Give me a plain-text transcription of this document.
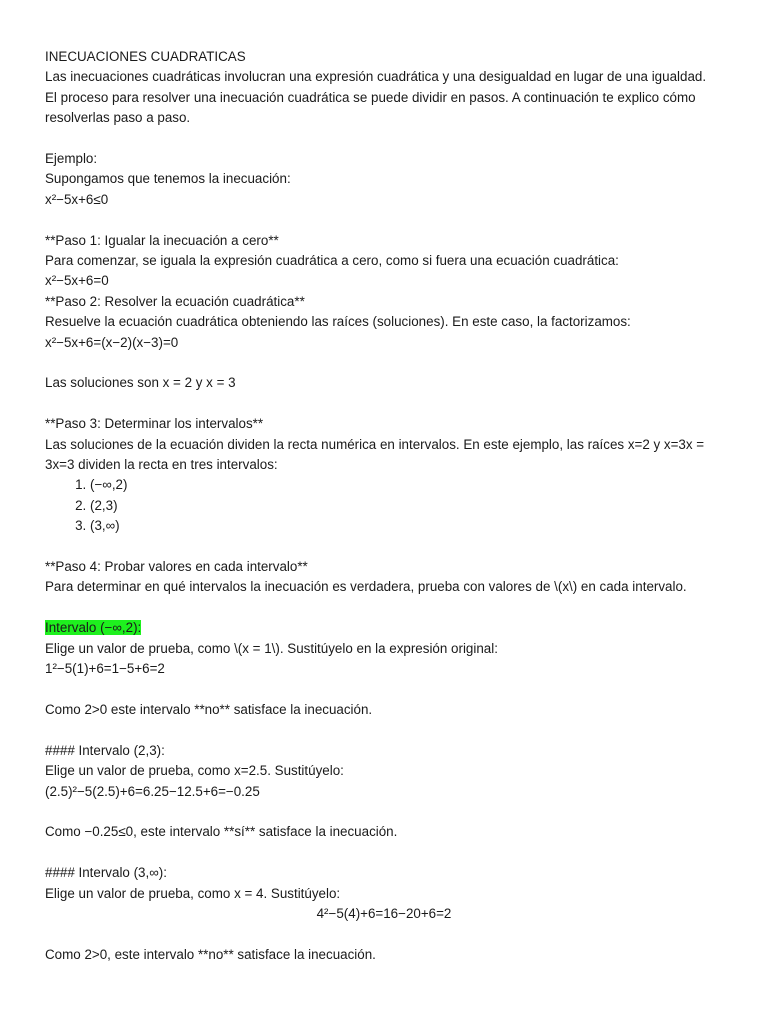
INECUACIONES CUADRATICAS
Las inecuaciones cuadráticas involucran una expresión cuadrática y una desigualdad en lugar de una igualdad.
El proceso para resolver una inecuación cuadrática se puede dividir en pasos. A continuación te explico cómo
resolverlas paso a paso.
Ejemplo:
Supongamos que tenemos la inecuación:
x²−5x+6≤0
**Paso 1: Igualar la inecuación a cero**
Para comenzar, se iguala la expresión cuadrática a cero, como si fuera una ecuación cuadrática:
x²−5x+6=0
**Paso 2: Resolver la ecuación cuadrática**
Resuelve la ecuación cuadrática obteniendo las raíces (soluciones). En este caso, la factorizamos:
x²−5x+6=(x−2)(x−3)=0
Las soluciones son x = 2 y x = 3
**Paso 3: Determinar los intervalos**
Las soluciones de la ecuación dividen la recta numérica en intervalos. En este ejemplo, las raíces x=2 y x=3x =
3x=3 dividen la recta en tres intervalos:
1. (−∞,2)
2. (2,3)
3. (3,∞)
**Paso 4: Probar valores en cada intervalo**
Para determinar en qué intervalos la inecuación es verdadera, prueba con valores de \(x\) en cada intervalo.
Intervalo (−∞,2):
Elige un valor de prueba, como \(x = 1\). Sustitúyelo en la expresión original:
1²−5(1)+6=1−5+6=2
Como 2>0 este intervalo **no** satisface la inecuación.
#### Intervalo (2,3):
Elige un valor de prueba, como x=2.5. Sustitúyelo:
(2.5)²−5(2.5)+6=6.25−12.5+6=−0.25
Como −0.25≤0, este intervalo **sí** satisface la inecuación.
#### Intervalo (3,∞):
Elige un valor de prueba, como x = 4. Sustitúyelo:
4²−5(4)+6=16−20+6=2
Como 2>0, este intervalo **no** satisface la inecuación.
